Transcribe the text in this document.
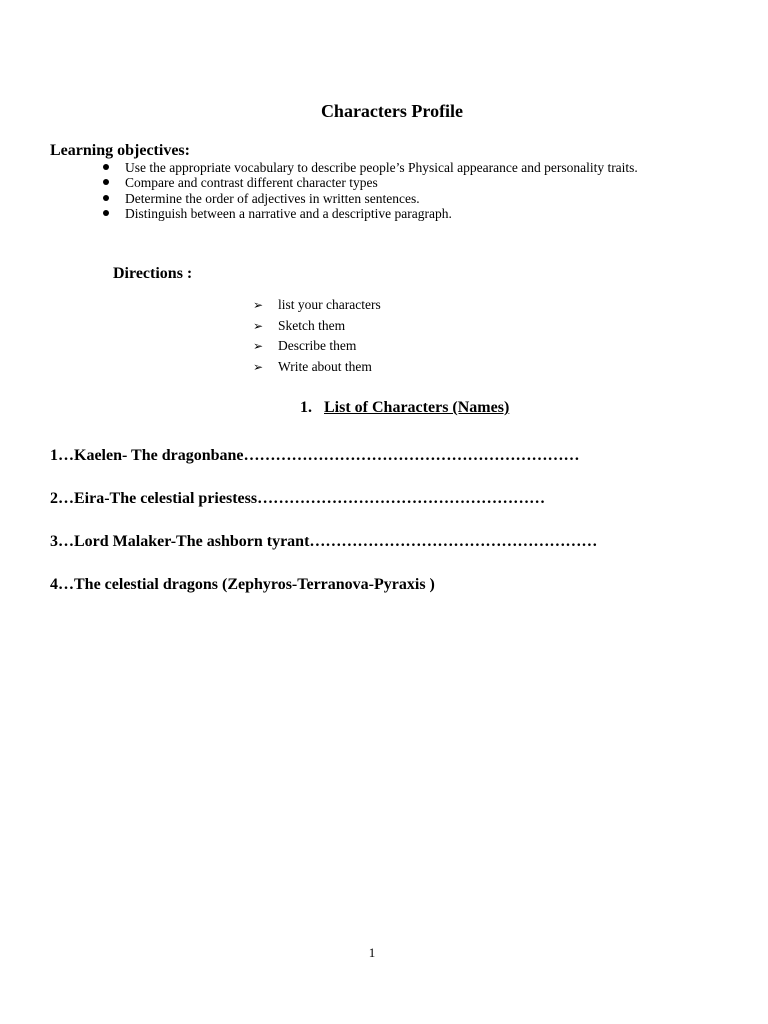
Characters Profile
Learning objectives:
Use the appropriate vocabulary to describe people’s Physical appearance and personality traits.
Compare and contrast different character types
Determine the order of adjectives in written sentences.
Distinguish between a narrative and a descriptive paragraph.
Directions :
➢ list your characters
➢ Sketch them
➢ Describe them
➢ Write about them
1. List of Characters (Names)
1…Kaelen- The dragonbane………………………………………………………
2…Eira-The celestial priestess………………………………………………
3…Lord Malaker-The ashborn tyrant………………………………………………
4…The celestial dragons (Zephyros-Terranova-Pyraxis )
1
